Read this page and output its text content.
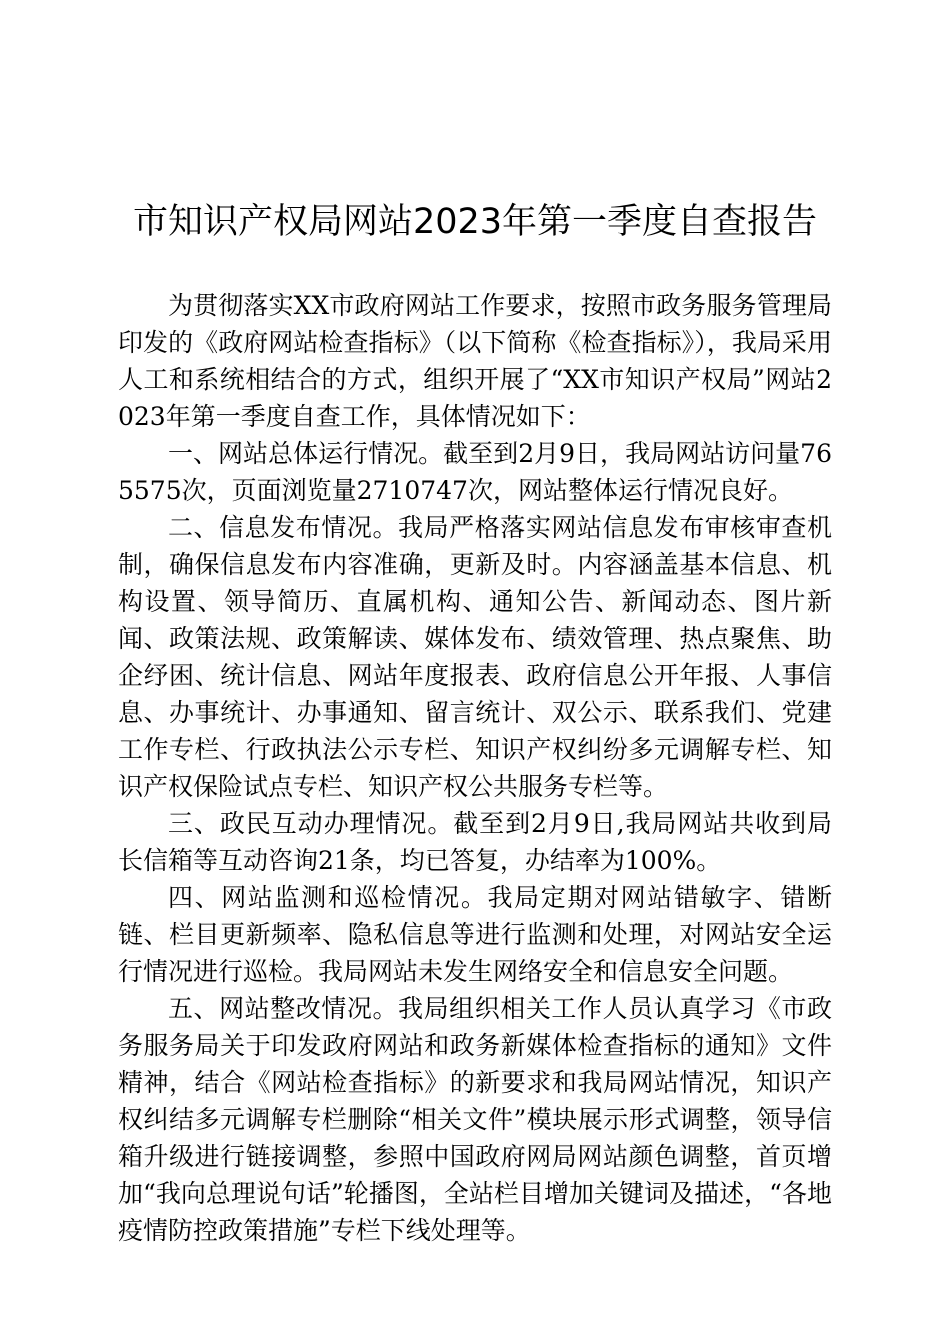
市知识产权局网站2023年第一季度自查报告

为贯彻落实XX市政府网站工作要求，按照市政务服务管理局印发的《政府网站检查指标》（以下简称《检查指标》），我局采用人工和系统相结合的方式，组织开展了“XX市知识产权局”网站2023年第一季度自查工作，具体情况如下：

一、网站总体运行情况。截至到2月9日，我局网站访问量765575次，页面浏览量2710747次，网站整体运行情况良好。

二、信息发布情况。我局严格落实网站信息发布审核审查机制，确保信息发布内容准确，更新及时。内容涵盖基本信息、机构设置、领导简历、直属机构、通知公告、新闻动态、图片新闻、政策法规、政策解读、媒体发布、绩效管理、热点聚焦、助企纾困、统计信息、网站年度报表、政府信息公开年报、人事信息、办事统计、办事通知、留言统计、双公示、联系我们、党建工作专栏、行政执法公示专栏、知识产权纠纷多元调解专栏、知识产权保险试点专栏、知识产权公共服务专栏等。

三、政民互动办理情况。截至到2月9日,我局网站共收到局长信箱等互动咨询21条，均已答复，办结率为100%。

四、网站监测和巡检情况。我局定期对网站错敏字、错断链、栏目更新频率、隐私信息等进行监测和处理，对网站安全运行情况进行巡检。我局网站未发生网络安全和信息安全问题。

五、网站整改情况。我局组织相关工作人员认真学习《市政务服务局关于印发政府网站和政务新媒体检查指标的通知》文件精神，结合《网站检查指标》的新要求和我局网站情况，知识产权纠结多元调解专栏删除“相关文件”模块展示形式调整，领导信箱升级进行链接调整，参照中国政府网局网站颜色调整，首页增加“我向总理说句话”轮播图，全站栏目增加关键词及描述，“各地疫情防控政策措施”专栏下线处理等。
